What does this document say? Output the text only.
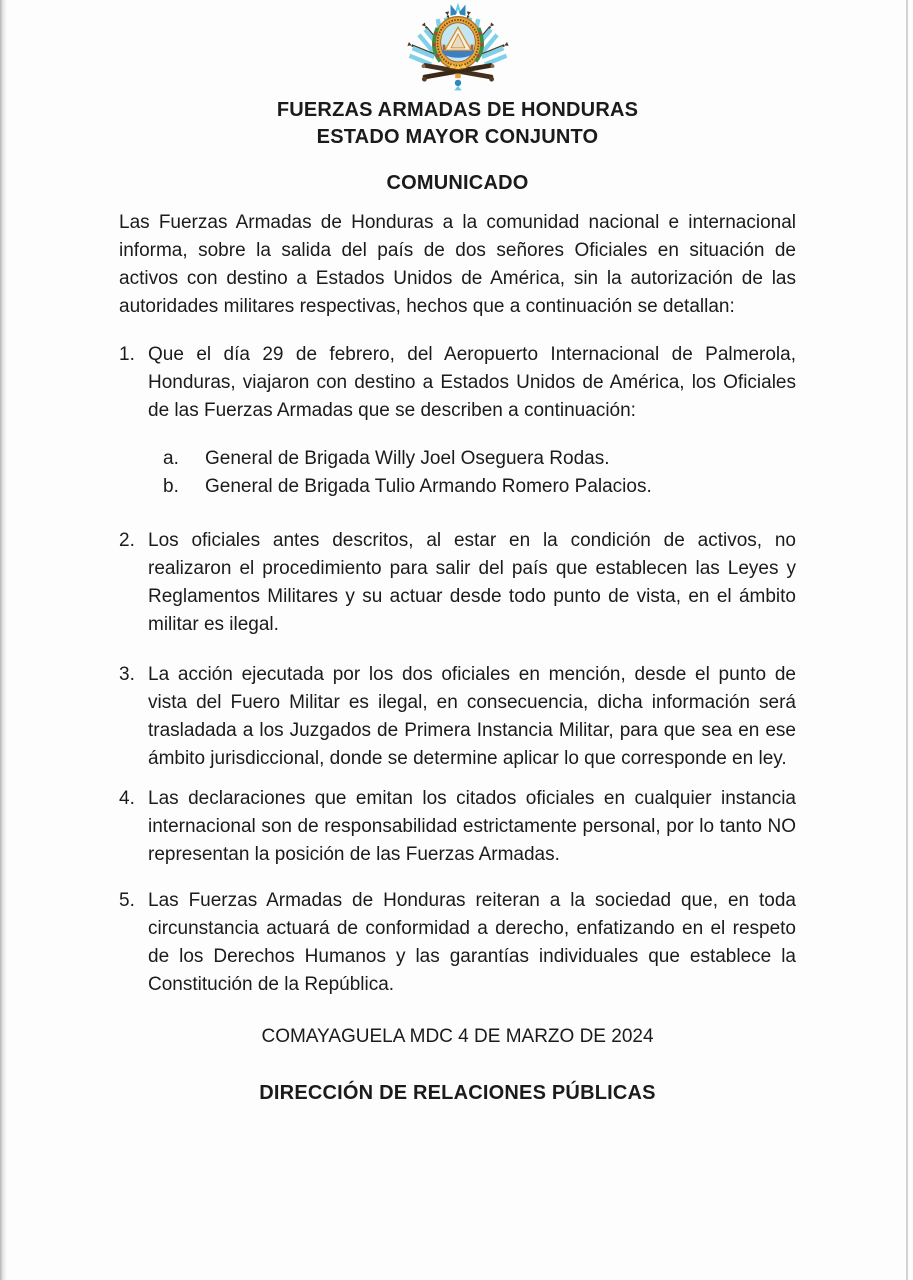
FUERZAS ARMADAS DE HONDURAS
ESTADO MAYOR CONJUNTO
COMUNICADO

Las Fuerzas Armadas de Honduras a la comunidad nacional e internacional informa, sobre la salida del país de dos señores Oficiales en situación de activos con destino a Estados Unidos de América, sin la autorización de las autoridades militares respectivas, hechos que a continuación se detallan:

1. Que el día 29 de febrero, del Aeropuerto Internacional de Palmerola, Honduras, viajaron con destino a Estados Unidos de América, los Oficiales de las Fuerzas Armadas que se describen a continuación:
a.	General de Brigada Willy Joel Oseguera Rodas.
b.	General de Brigada Tulio Armando Romero Palacios.
2. Los oficiales antes descritos, al estar en la condición de activos, no realizaron el procedimiento para salir del país que establecen las Leyes y Reglamentos Militares y su actuar desde todo punto de vista, en el ámbito militar es ilegal.
3. La acción ejecutada por los dos oficiales en mención, desde el punto de vista del Fuero Militar es ilegal, en consecuencia, dicha información será trasladada a los Juzgados de Primera Instancia Militar, para que sea en ese ámbito jurisdiccional, donde se determine aplicar lo que corresponde en ley.
4. Las declaraciones que emitan los citados oficiales en cualquier instancia internacional son de responsabilidad estrictamente personal, por lo tanto NO representan la posición de las Fuerzas Armadas.
5. Las Fuerzas Armadas de Honduras reiteran a la sociedad que, en toda circunstancia actuará de conformidad a derecho, enfatizando en el respeto de los Derechos Humanos y las garantías individuales que establece la Constitución de la República.
COMAYAGUELA MDC 4 DE MARZO DE 2024
DIRECCIÓN DE RELACIONES PÚBLICAS
